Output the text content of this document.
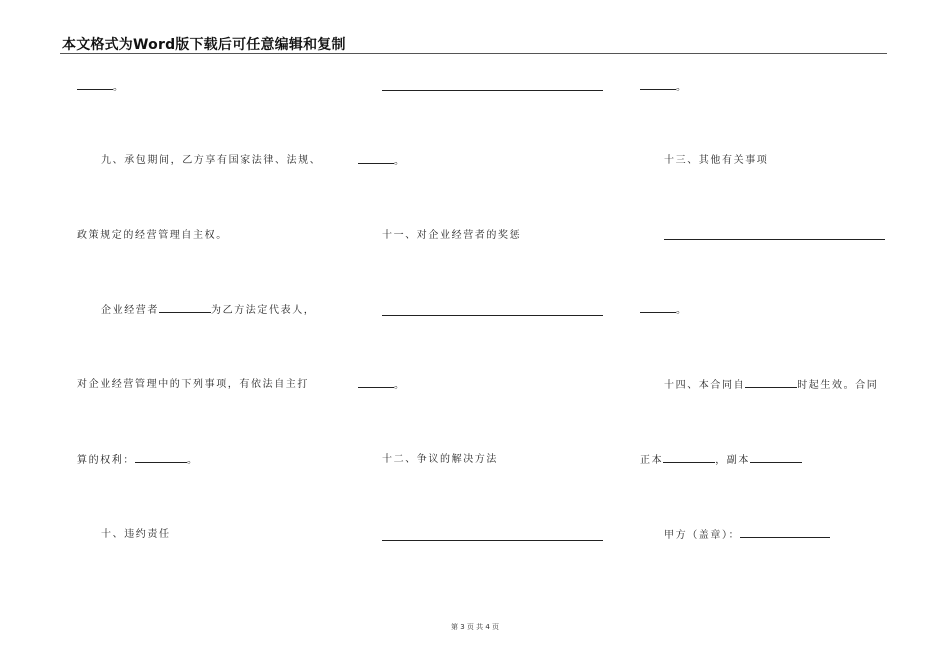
本文格式为Word版下载后可任意编辑和复制
。
九、承包期间，乙方享有国家法律、法规、
政策规定的经营管理自主权。
企业经营者	为乙方法定代表人，
对企业经营管理中的下列事项，有依法自主打
算的权利：	。
十、违约责任
。
十一、对企业经营者的奖惩
。
十二、争议的解决方法
。
十三、其他有关事项
。
十四、本合同自	时起生效。合同
正本	，副本
甲方（盖章）：
第 3 页 共 4 页
